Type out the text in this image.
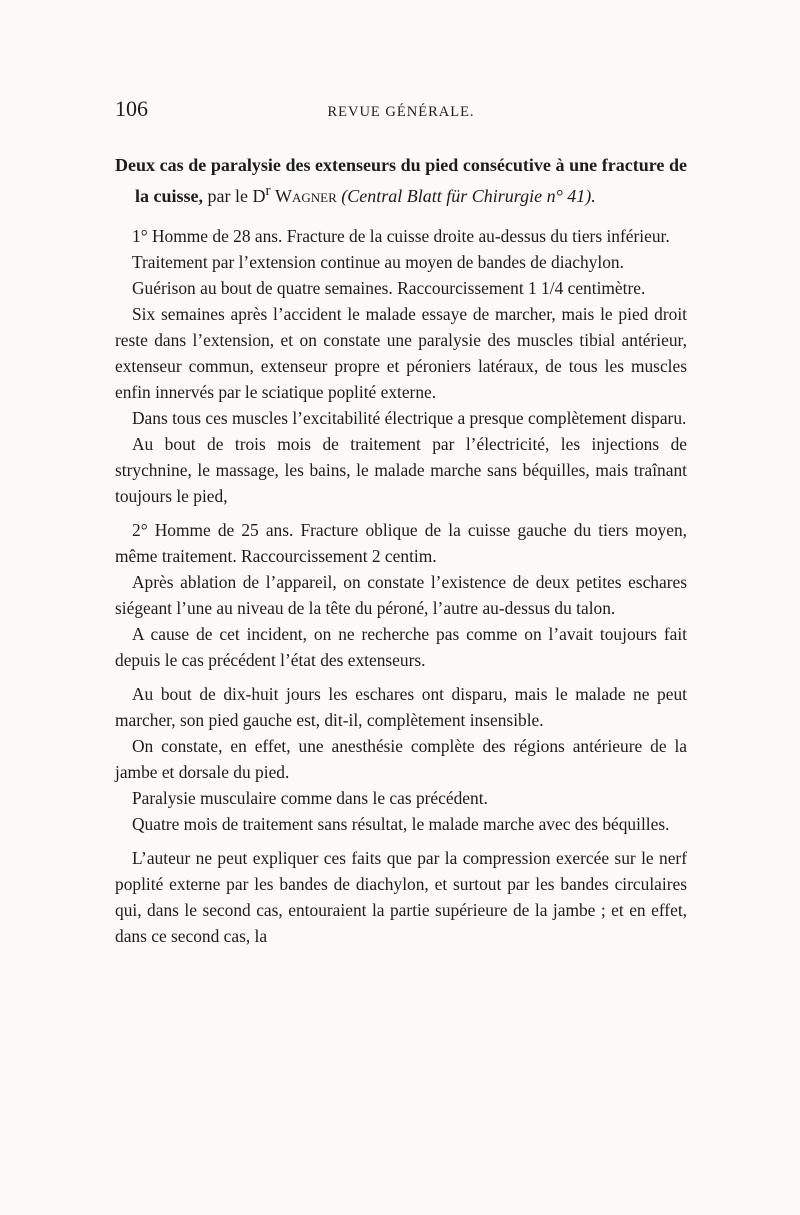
106	REVUE GÉNÉRALE.

Deux cas de paralysie des extenseurs du pied consécutive à une fracture de la cuisse, par le $D^r$ Wagner (Central Blatt für Chirurgie n° 41).

1° Homme de 28 ans. Fracture de la cuisse droite au-dessus du tiers inférieur.

Traitement par l’extension continue au moyen de bandes de diachylon.

Guérison au bout de quatre semaines. Raccourcissement 1 1/4 centimètre.

Six semaines après l’accident le malade essaye de marcher, mais le pied droit reste dans l’extension, et on constate une paralysie des muscles tibial antérieur, extenseur commun, extenseur propre et péroniers latéraux, de tous les muscles enfin innervés par le sciatique poplité externe.

Dans tous ces muscles l’excitabilité électrique a presque complètement disparu.

Au bout de trois mois de traitement par l’électricité, les injections de strychnine, le massage, les bains, le malade marche sans béquilles, mais traînant toujours le pied,

2° Homme de 25 ans. Fracture oblique de la cuisse gauche du tiers moyen, même traitement. Raccourcissement 2 centim.

Après ablation de l’appareil, on constate l’existence de deux petites eschares siégeant l’une au niveau de la tête du péroné, l’autre au-dessus du talon.

A cause de cet incident, on ne recherche pas comme on l’avait toujours fait depuis le cas précédent l’état des extenseurs.

Au bout de dix-huit jours les eschares ont disparu, mais le malade ne peut marcher, son pied gauche est, dit-il, complètement insensible.

On constate, en effet, une anesthésie complète des régions antérieure de la jambe et dorsale du pied.

Paralysie musculaire comme dans le cas précédent.

Quatre mois de traitement sans résultat, le malade marche avec des béquilles.

L’auteur ne peut expliquer ces faits que par la compression exercée sur le nerf poplité externe par les bandes de diachylon, et surtout par les bandes circulaires qui, dans le second cas, entouraient la partie supérieure de la jambe ; et en effet, dans ce second cas, la
